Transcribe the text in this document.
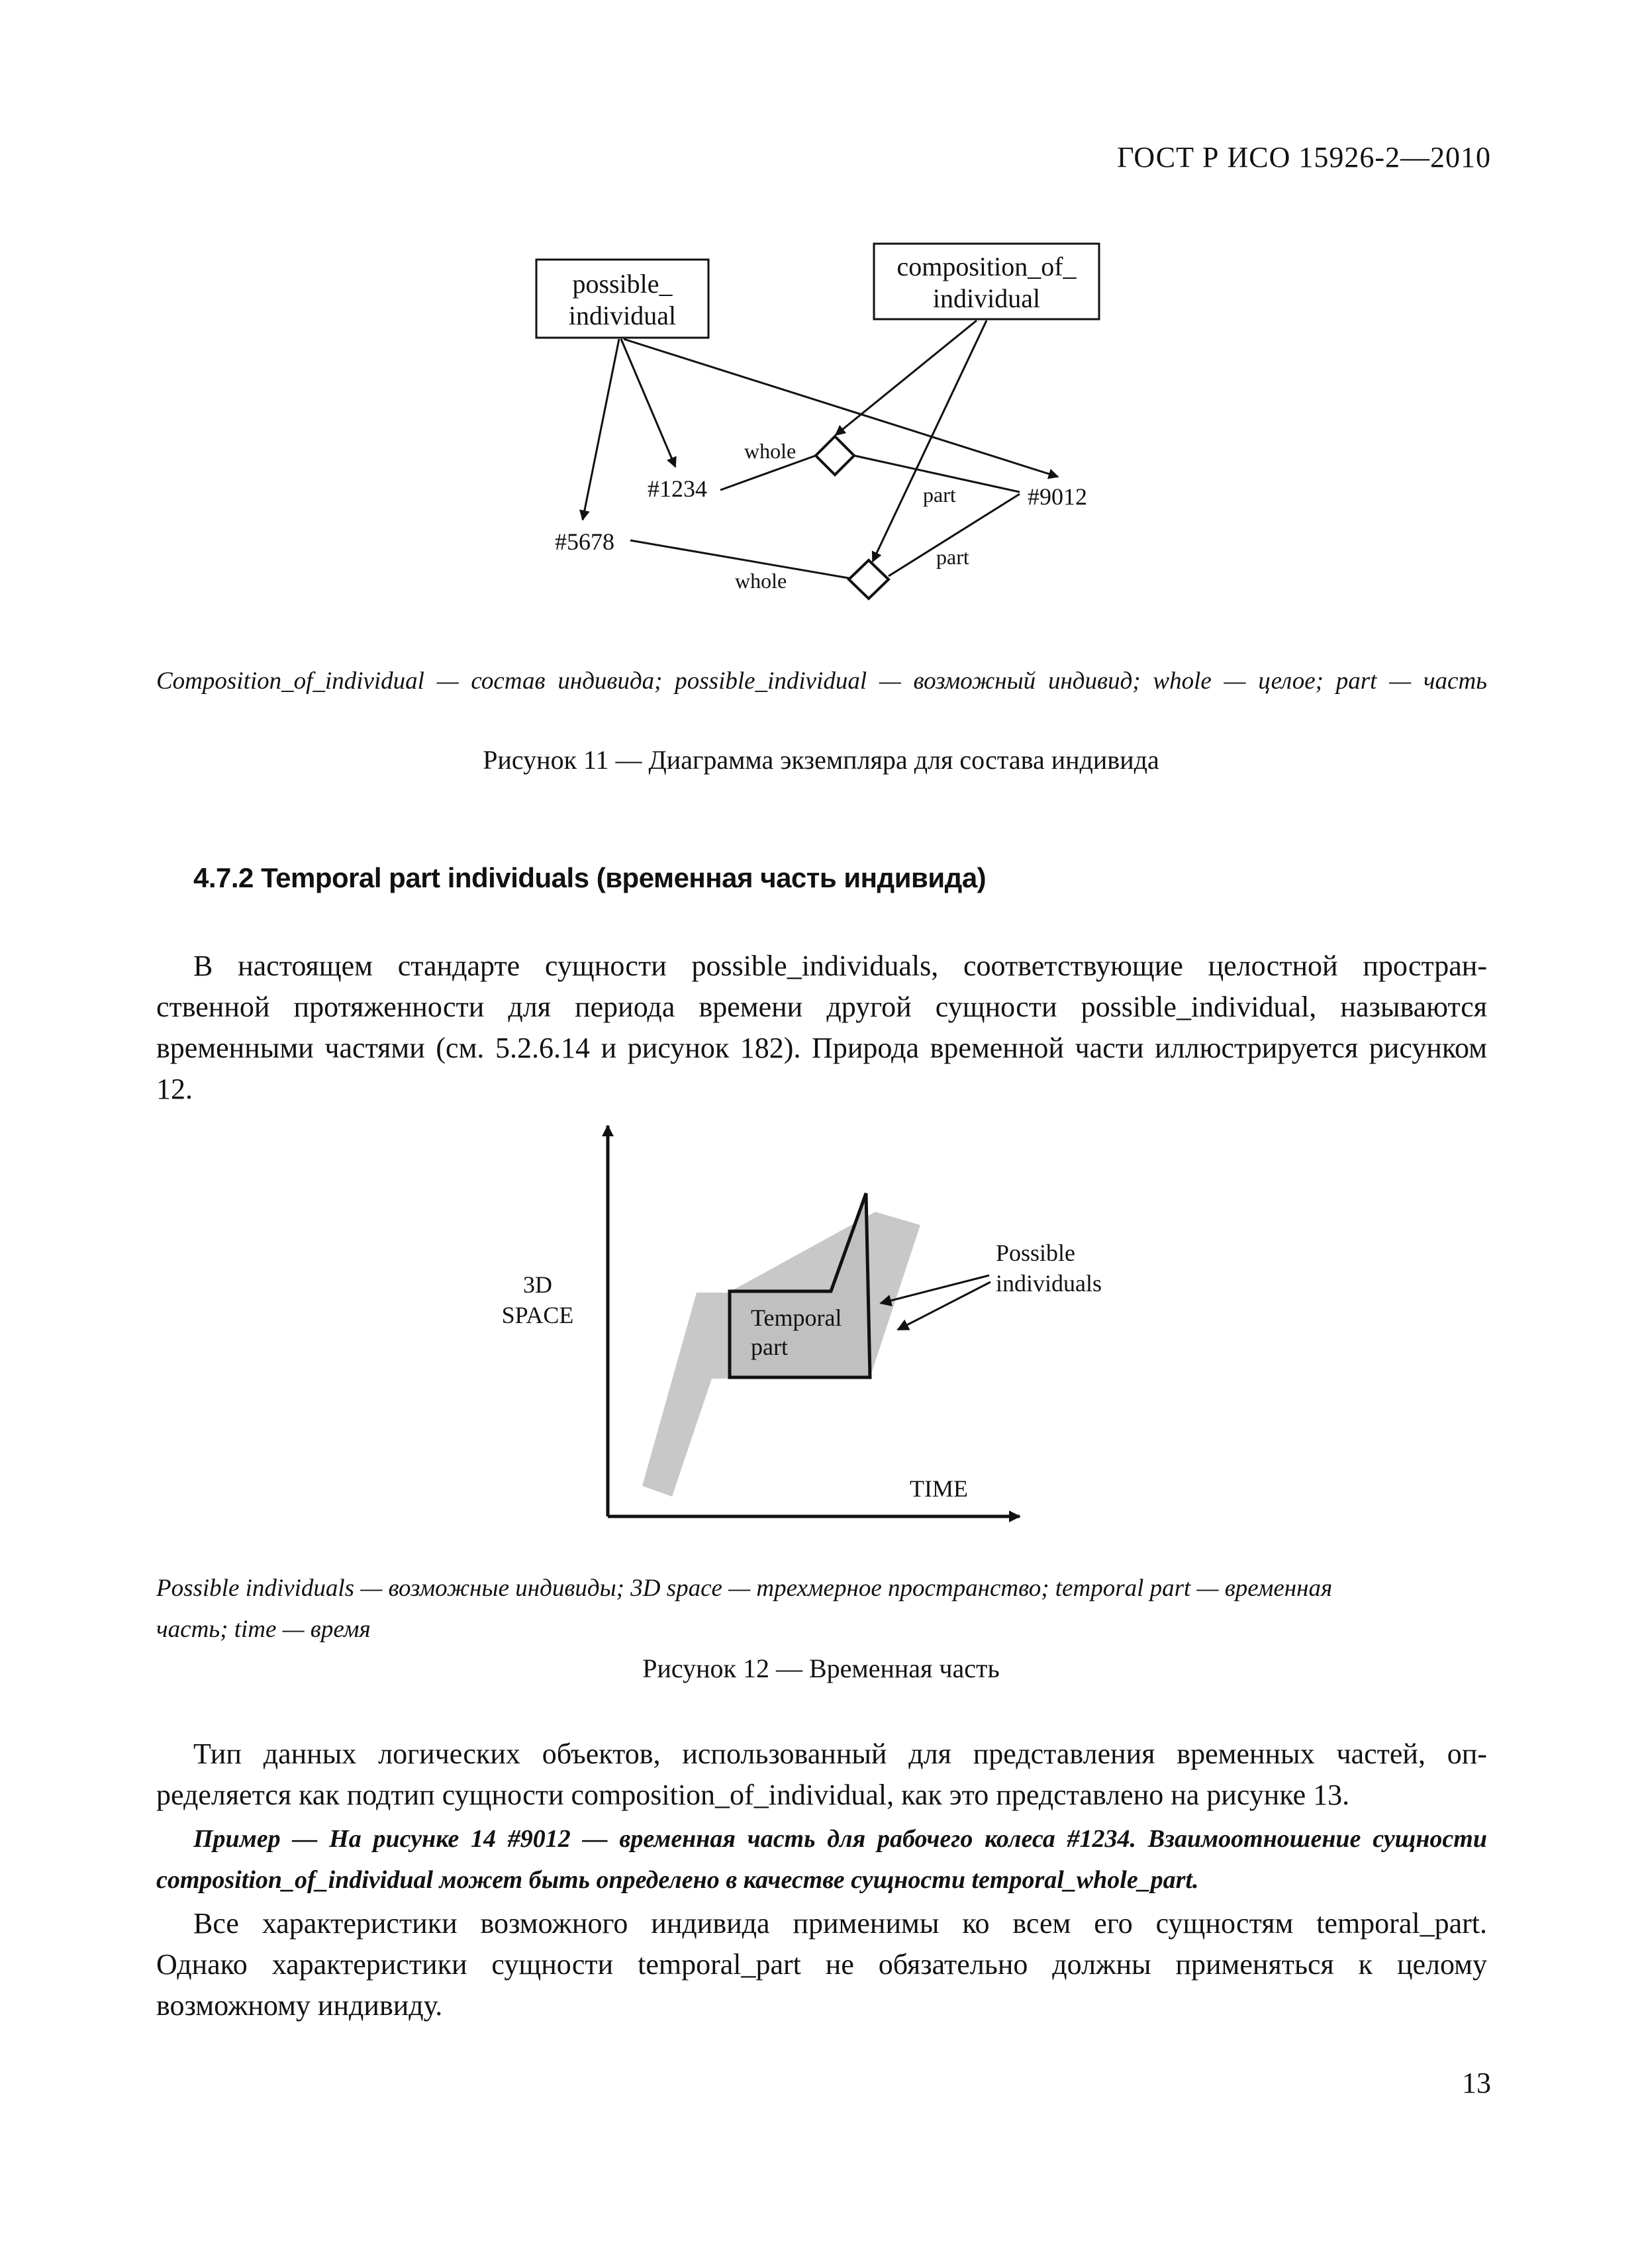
ГОСТ Р ИСО 15926-2—2010
possible_
individual
composition_of_
individual
#1234
#5678
#9012
whole
part
whole
part
Composition_of_individual — состав индивида; possible_individual — возможный индивид; whole — целое; part — часть
Рисунок 11 — Диаграмма экземпляра для состава индивида
4.7.2 Temporal part individuals (временная часть индивида)
В настоящем стандарте сущности possible_individuals, соответствующие целостной простран-
ственной протяженности для периода времени другой сущности possible_individual, называются временными частями (см. 5.2.6.14 и рисунок 182). Природа временной части иллюстрируется рисунком 12.
3D
SPACE
TIME
Temporal
part
Possible
individuals
Possible individuals — возможные индивиды; 3D space — трехмерное пространство; temporal part — временная
часть; time — время
Рисунок 12 — Временная часть
Тип данных логических объектов, использованный для представления временных частей, оп-
ределяется как подтип сущности composition_of_individual, как это представлено на рисунке 13.
Пример — На рисунке 14 #9012 — временная часть для рабочего колеса #1234. Взаимоотношение сущности
composition_of_individual может быть определено в качестве сущности temporal_whole_part.
Все характеристики возможного индивида применимы ко всем его сущностям temporal_part.
Однако характеристики сущности temporal_part не обязательно должны применяться к целому возможному индивиду.
13
